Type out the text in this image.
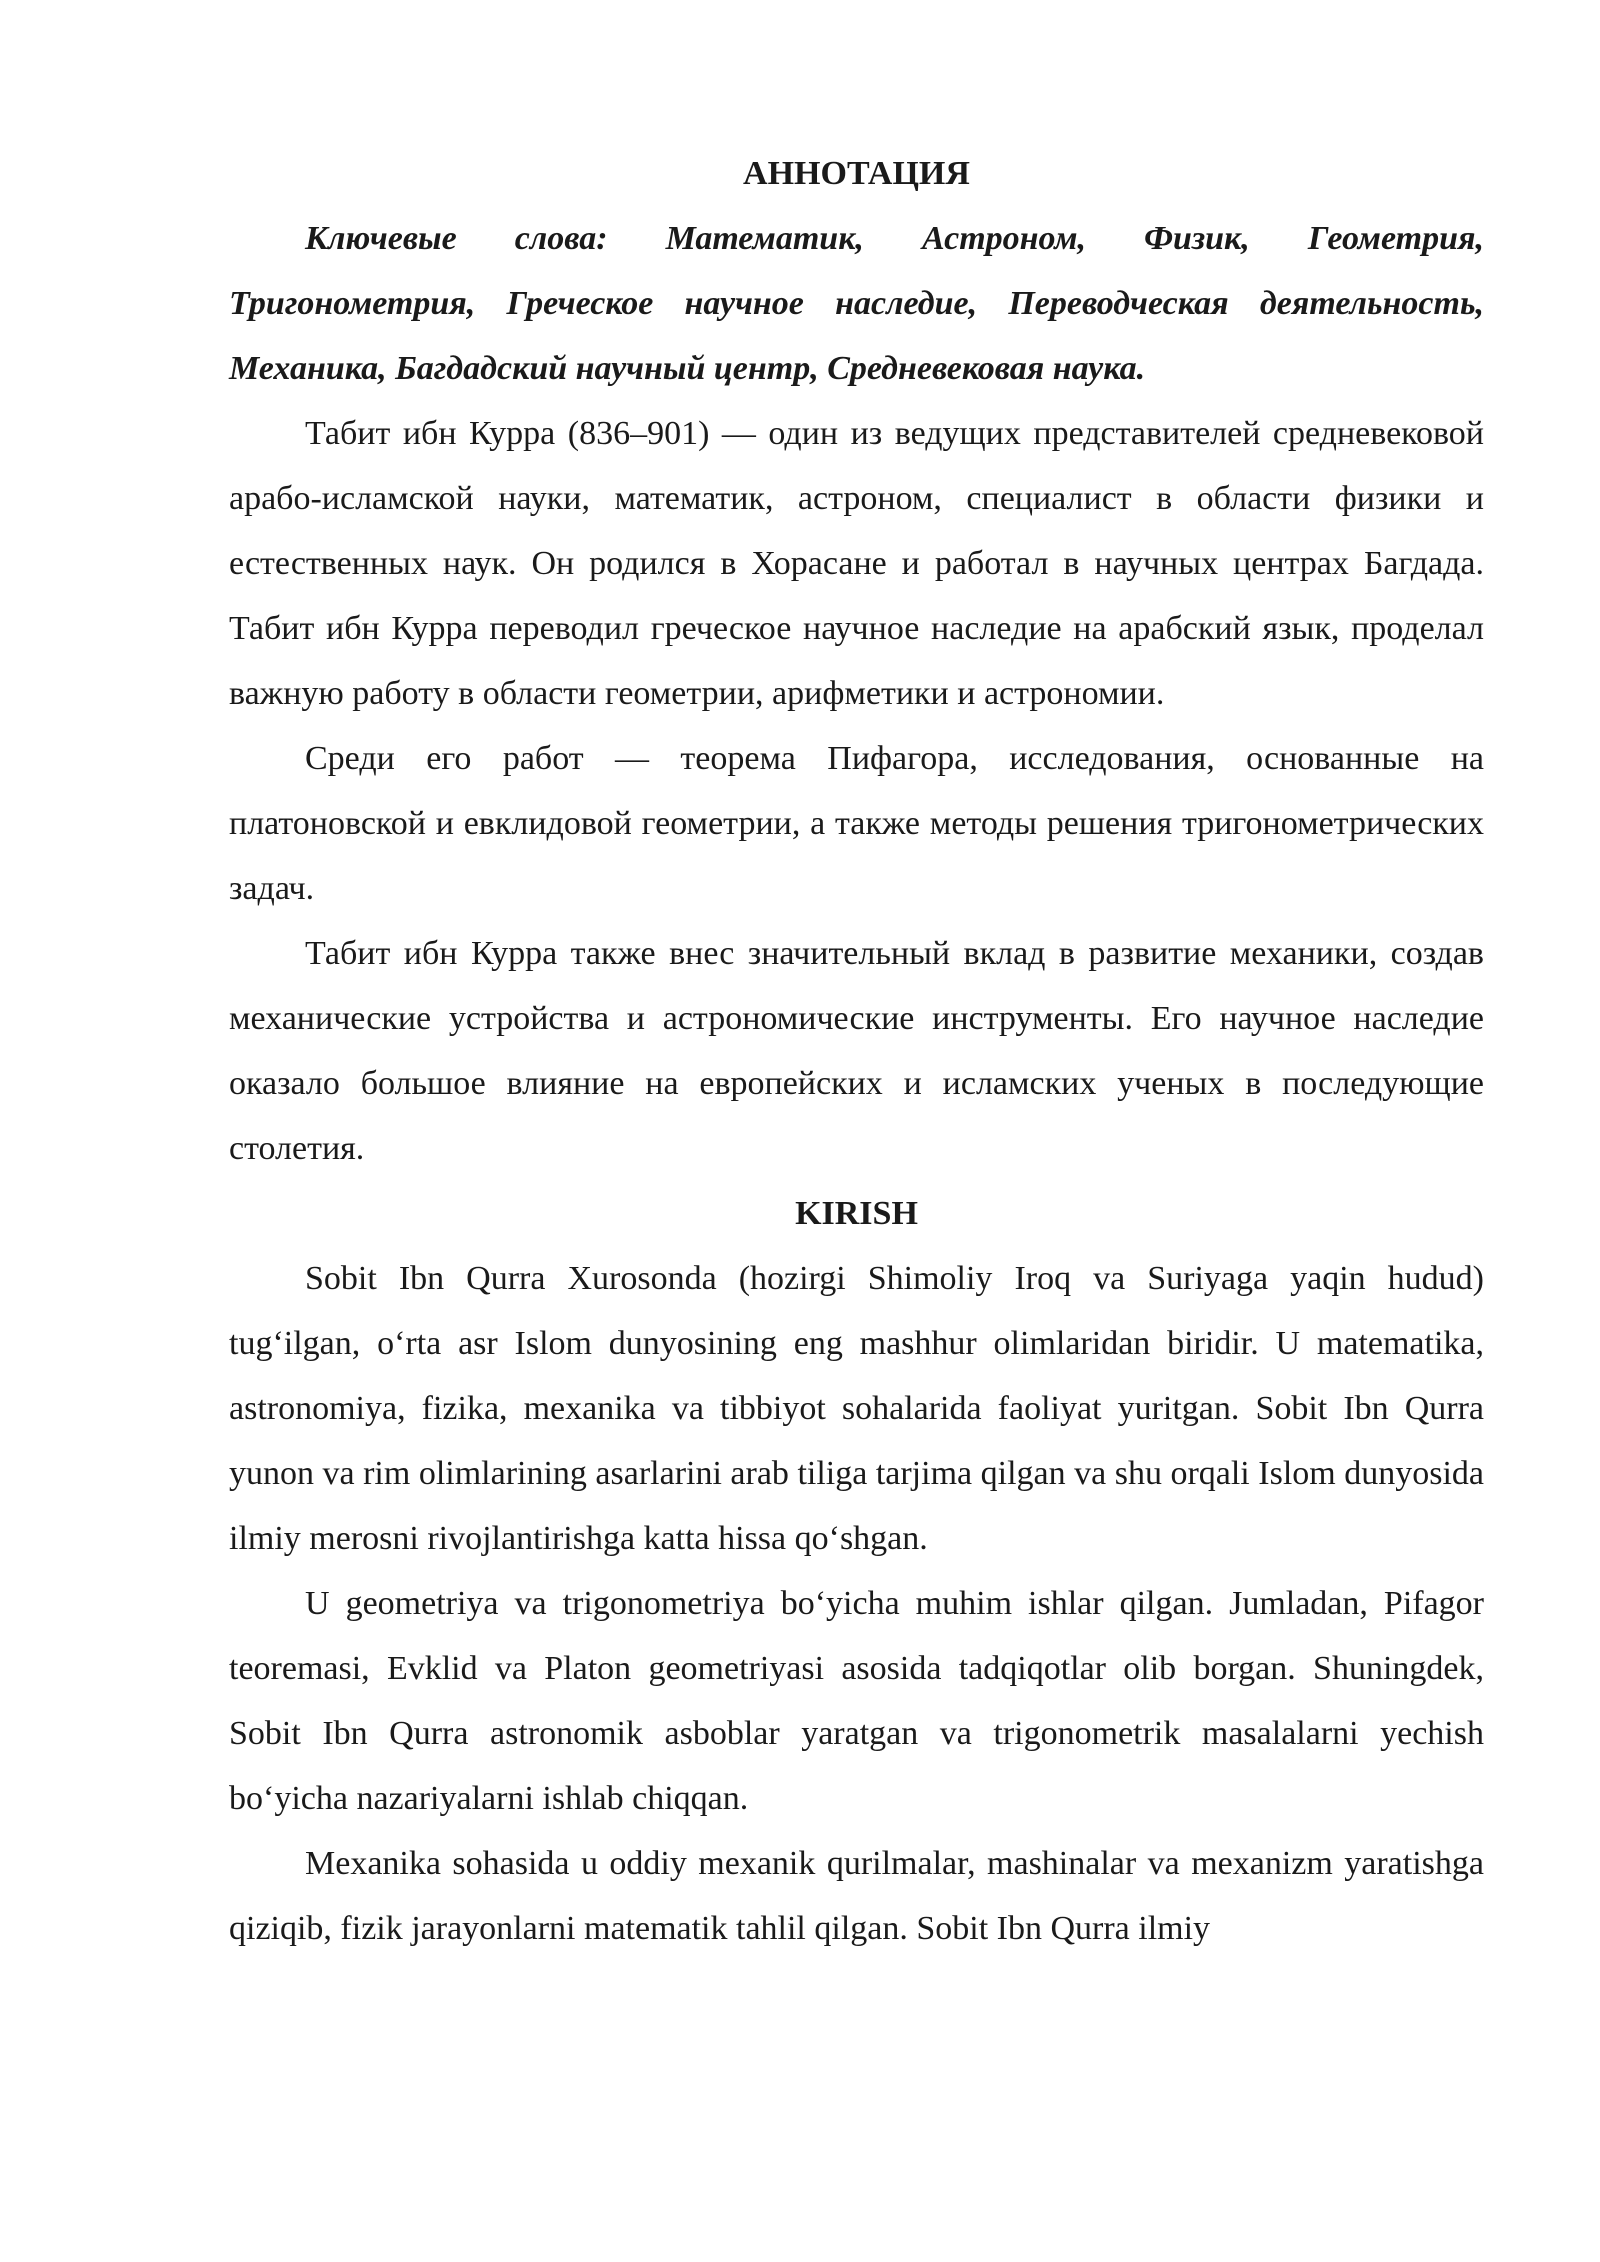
АННОТАЦИЯ

Ключевые слова: Математик, Астроном, Физик, Геометрия, Тригонометрия, Греческое научное наследие, Переводческая деятельность, Механика, Багдадский научный центр, Средневековая наука.

Табит ибн Курра (836–901) — один из ведущих представителей средневековой арабо-исламской науки, математик, астроном, специалист в области физики и естественных наук. Он родился в Хорасане и работал в научных центрах Багдада. Табит ибн Курра переводил греческое научное наследие на арабский язык, проделал важную работу в области геометрии, арифметики и астрономии.

Среди его работ — теорема Пифагора, исследования, основанные на платоновской и евклидовой геометрии, а также методы решения тригонометрических задач.

Табит ибн Курра также внес значительный вклад в развитие механики, создав механические устройства и астрономические инструменты. Его научное наследие оказало большое влияние на европейских и исламских ученых в последующие столетия.

KIRISH

Sobit Ibn Qurra Xurosonda (hozirgi Shimoliy Iroq va Suriyaga yaqin hudud) tug‘ilgan, o‘rta asr Islom dunyosining eng mashhur olimlaridan biridir. U matematika, astronomiya, fizika, mexanika va tibbiyot sohalarida faoliyat yuritgan. Sobit Ibn Qurra yunon va rim olimlarining asarlarini arab tiliga tarjima qilgan va shu orqali Islom dunyosida ilmiy merosni rivojlantirishga katta hissa qo‘shgan.

U geometriya va trigonometriya bo‘yicha muhim ishlar qilgan. Jumladan, Pifagor teoremasi, Evklid va Platon geometriyasi asosida tadqiqotlar olib borgan. Shuningdek, Sobit Ibn Qurra astronomik asboblar yaratgan va trigonometrik masalalarni yechish bo‘yicha nazariyalarni ishlab chiqqan.

Mexanika sohasida u oddiy mexanik qurilmalar, mashinalar va mexanizm yaratishga qiziqib, fizik jarayonlarni matematik tahlil qilgan. Sobit Ibn Qurra ilmiy
